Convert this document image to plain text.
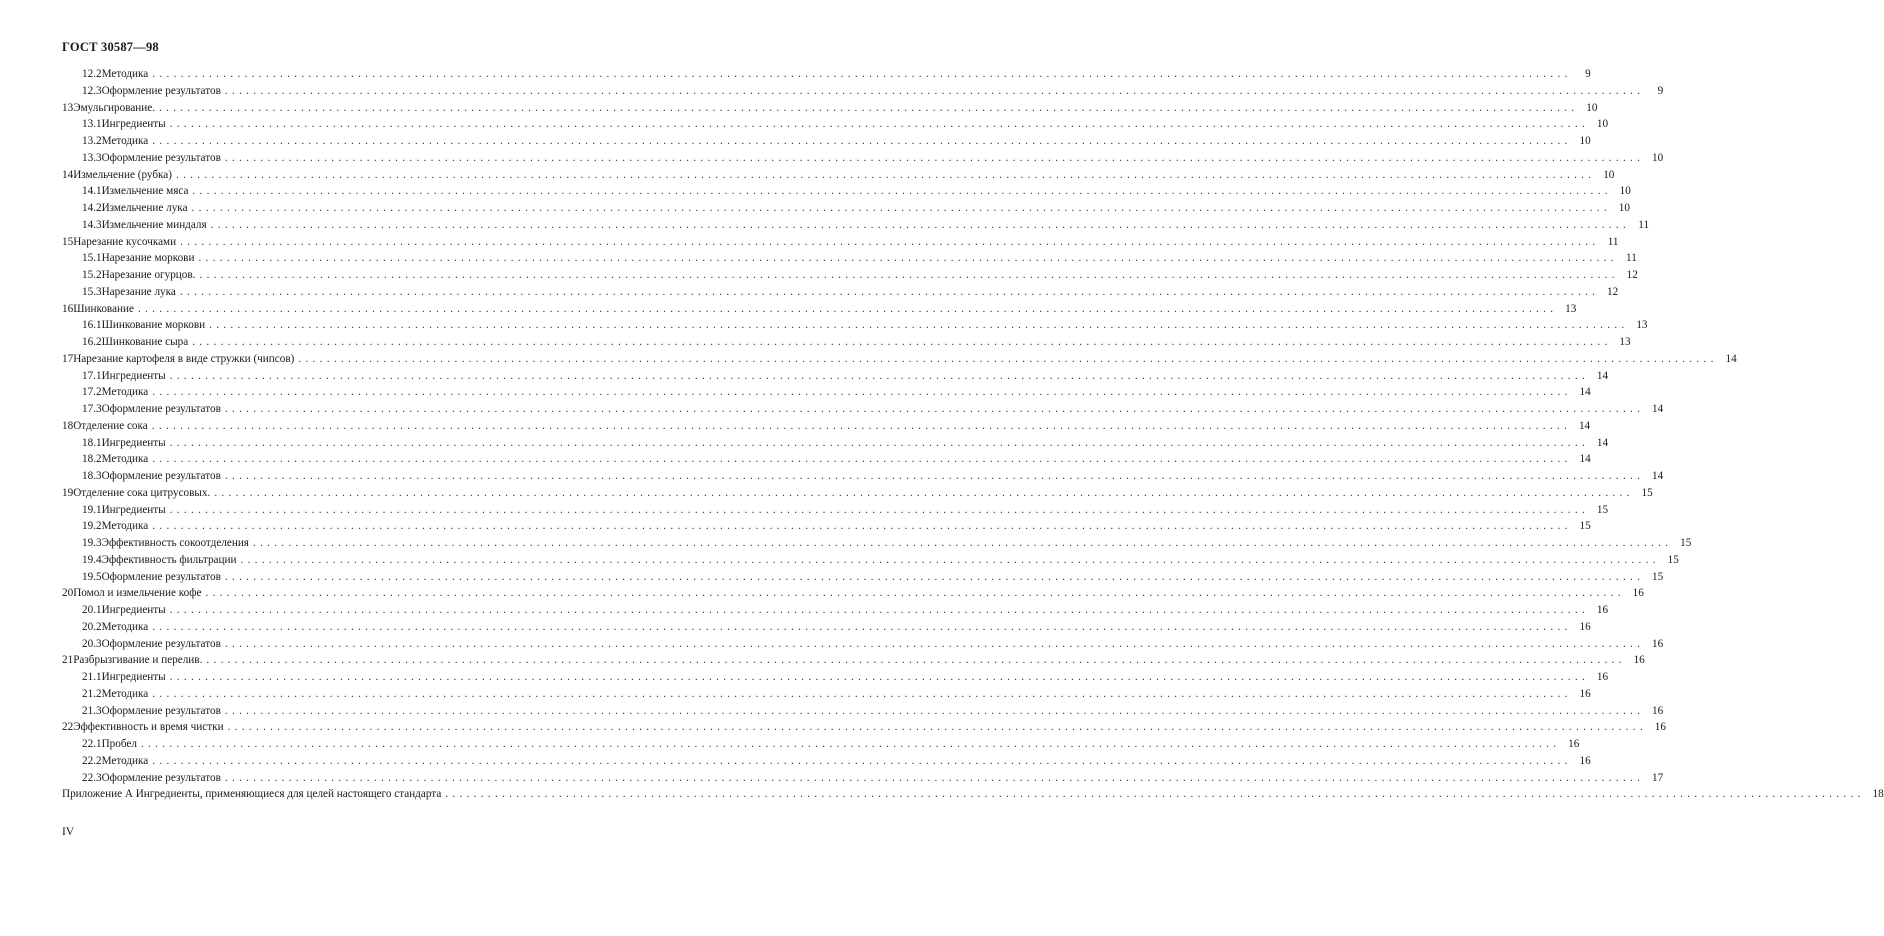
ГОСТ 30587—98
12.2 Методика ........................................................................................................................................................................................................	9
12.3 Оформление результатов ........................................................................................................................................................................................................	9
13 Эмульгирование. ........................................................................................................................................................................................................ 10
13.1 Ингредиенты ........................................................................................................................................................................................................ 10
13.2 Методика ........................................................................................................................................................................................................ 10
13.3 Оформление результатов ........................................................................................................................................................................................................ 10
14 Измельчение (рубка) ........................................................................................................................................................................................................ 10
14.1 Измельчение мяса ........................................................................................................................................................................................................ 10
14.2 Измельчение лука ........................................................................................................................................................................................................ 10
14.3 Измельчение миндаля ........................................................................................................................................................................................................ 11
15 Нарезание кусочками ........................................................................................................................................................................................................ 11
15.1 Нарезание моркови ........................................................................................................................................................................................................ 11
15.2 Нарезание огурцов. ........................................................................................................................................................................................................ 12
15.3 Нарезание лука ........................................................................................................................................................................................................ 12
16 Шинкование ........................................................................................................................................................................................................ 13
16.1 Шинкование моркови ........................................................................................................................................................................................................ 13
16.2 Шинкование сыра ........................................................................................................................................................................................................ 13
17 Нарезание картофеля в виде стружки (чипсов) ........................................................................................................................................................................................................ 14
17.1 Ингредиенты ........................................................................................................................................................................................................ 14
17.2 Методика ........................................................................................................................................................................................................ 14
17.3 Оформление результатов ........................................................................................................................................................................................................ 14
18 Отделение сока ........................................................................................................................................................................................................ 14
18.1 Ингредиенты ........................................................................................................................................................................................................ 14
18.2 Методика ........................................................................................................................................................................................................ 14
18.3 Оформление результатов ........................................................................................................................................................................................................ 14
19 Отделение сока цитрусовых. ........................................................................................................................................................................................................ 15
19.1 Ингредиенты ........................................................................................................................................................................................................ 15
19.2 Методика ........................................................................................................................................................................................................ 15
19.3 Эффективность сокоотделения ........................................................................................................................................................................................................ 15
19.4 Эффективность фильтрации ........................................................................................................................................................................................................ 15
19.5 Оформление результатов ........................................................................................................................................................................................................ 15
20 Помол и измельчение кофе ........................................................................................................................................................................................................ 16
20.1 Ингредиенты ........................................................................................................................................................................................................ 16
20.2 Методика ........................................................................................................................................................................................................ 16
20.3 Оформление результатов ........................................................................................................................................................................................................ 16
21 Разбрызгивание и перелив. ........................................................................................................................................................................................................ 16
21.1 Ингредиенты ........................................................................................................................................................................................................ 16
21.2 Методика ........................................................................................................................................................................................................ 16
21.3 Оформление результатов ........................................................................................................................................................................................................ 16
22 Эффективность и время чистки ........................................................................................................................................................................................................ 16
22.1 Пробел ........................................................................................................................................................................................................ 16
22.2 Методика ........................................................................................................................................................................................................ 16
22.3 Оформление результатов ........................................................................................................................................................................................................ 17
Приложение А Ингредиенты, применяющиеся для целей настоящего стандарта ........................................................................................................................................................................................................ 18
IV
